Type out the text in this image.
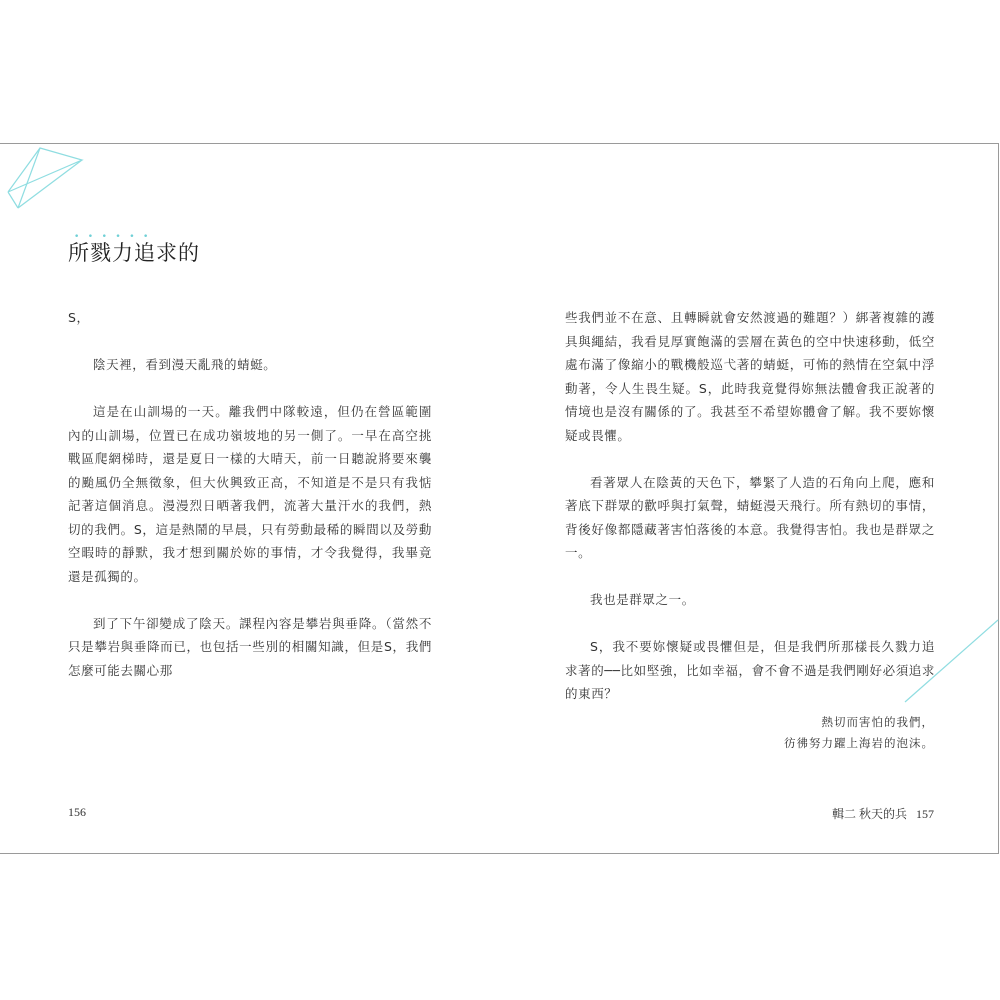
••••••
所戮力追求的

S，

陰天裡，看到漫天亂飛的蜻蜓。

這是在山訓場的一天。離我們中隊較遠，但仍在營區範圍內的山訓場，位置已在成功嶺坡地的另一側了。一早在高空挑戰區爬網梯時，還是夏日一樣的大晴天，前一日聽說將要來襲的颱風仍全無徵象，但大伙興致正高，不知道是不是只有我惦記著這個消息。漫漫烈日晒著我們，流著大量汗水的我們，熱切的我們。S，這是熱鬧的早晨，只有勞動最稀的瞬間以及勞動空暇時的靜默，我才想到關於妳的事情，才令我覺得，我畢竟還是孤獨的。

到了下午卻變成了陰天。課程內容是攀岩與垂降。（當然不只是攀岩與垂降而已，也包括一些別的相關知識，但是S，我們怎麼可能去關心那

些我們並不在意、且轉瞬就會安然渡過的難題？）綁著複雜的護具與繩結，我看見厚實飽滿的雲層在黃色的空中快速移動，低空處布滿了像縮小的戰機般巡弋著的蜻蜓，可怖的熱情在空氣中浮動著，令人生畏生疑。S，此時我竟覺得妳無法體會我正說著的情境也是沒有關係的了。我甚至不希望妳體會了解。我不要妳懷疑或畏懼。

看著眾人在陰黃的天色下，攀緊了人造的石角向上爬，應和著底下群眾的歡呼與打氣聲，蜻蜓漫天飛行。所有熱切的事情，背後好像都隱藏著害怕落後的本意。我覺得害怕。我也是群眾之一。

我也是群眾之一。

S，我不要妳懷疑或畏懼但是，但是我們所那樣長久戮力追求著的──比如堅強，比如幸福，會不會不過是我們剛好必須追求的東西？

熱切而害怕的我們，

彷彿努力躍上海岩的泡沫。

156	輯二 秋天的兵 157
